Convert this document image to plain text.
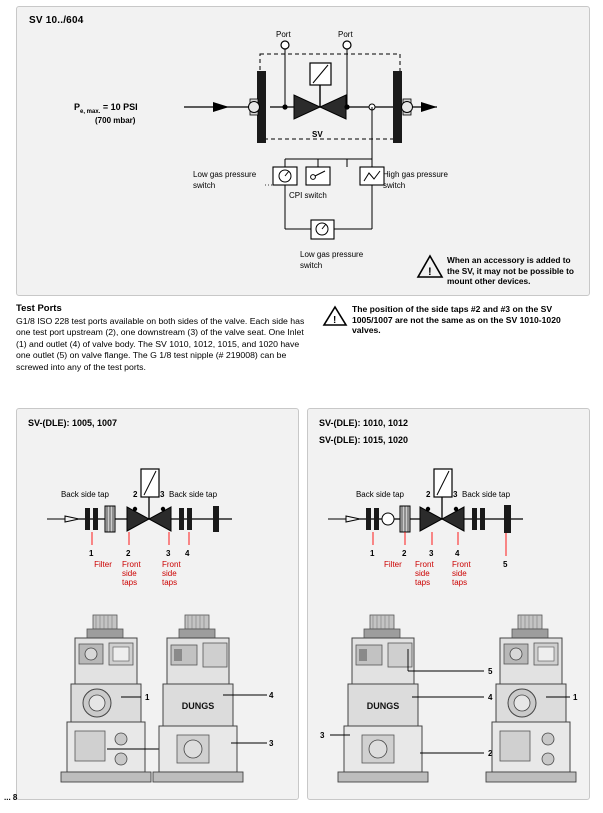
SV 10../604
Port	Port
SV
$P_{e, max.} = 10$ PSI
(700 mbar)
Low gas pressure
switch
CPI switch
High gas pressure
switch
Low gas pressure
switch
!
When an accessory is added to the SV, it may not be possible to mount other devices.
Test Ports

G1/8 ISO 228 test ports available on both sides of the valve. Each side has one test port upstream (2), one downstream (3) of the valve seat. One Inlet (1) and outlet (4) of valve body. The SV 1010, 1012, 1015, and 1020 have one outlet (5) on valve flange. The G 1/8 test nipple (# 219008) can be screwed into any of the test ports.

!
The position of the side taps #2 and #3 on the SV 1005/1007 are not the same as on the SV 1010-1020 valves.
SV-(DLE): 1005, 1007
Back side tap	2	3 Back side tap
1	2	3 4
Filter Front
side
taps
Front
side
taps
1
DUNGS
4
3
SV-(DLE): 1010, 1012
SV-(DLE): 1015, 1020
Back side tap	2	3 Back side tap
1	2	3	4
5
Filter Front
side
taps
Front
side
taps
DUNGS
5
4
3
2
1
... 8
